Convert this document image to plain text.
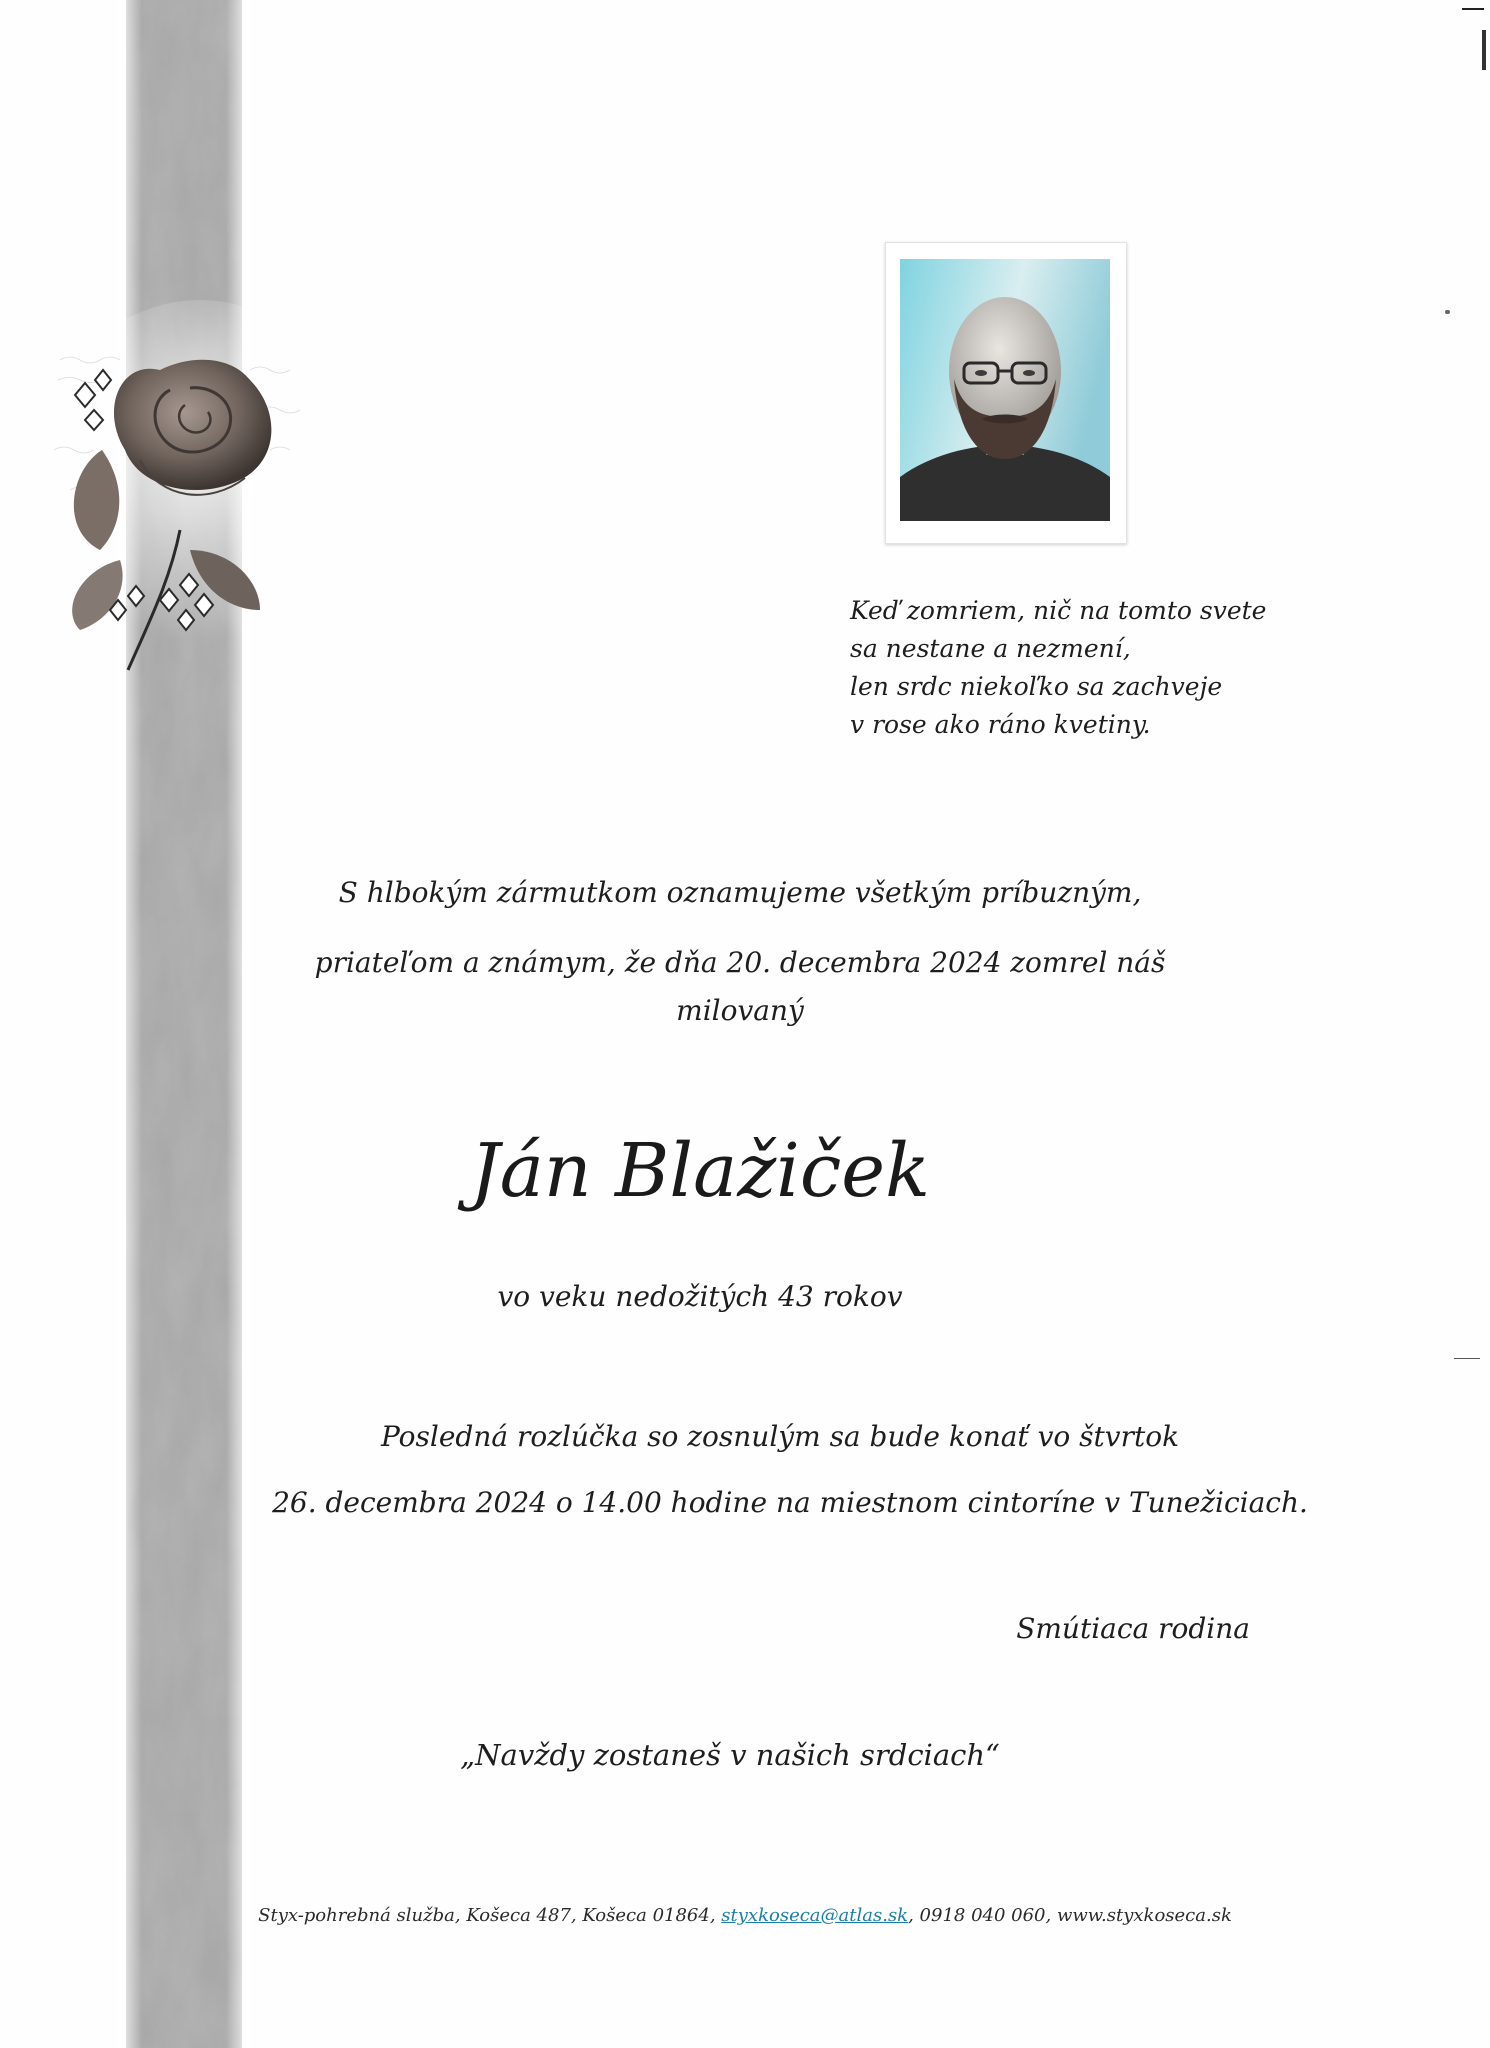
Keď zomriem, nič na tomto svete
sa nestane a nezmení,
len srdc niekoľko sa zachveje
v rose ako ráno kvetiny.
S hlbokým zármutkom oznamujeme všetkým príbuzným,
priateľom a známym, že dňa 20. decembra 2024 zomrel náš
milovaný
Ján Blažiček
vo veku nedožitých 43 rokov
Posledná rozlúčka so zosnulým sa bude konať vo štvrtok
26. decembra 2024 o 14.00 hodine na miestnom cintoríne v Tunežiciach.
Smútiaca rodina
„Navždy zostaneš v našich srdciach“
Styx-pohrebná služba, Košeca 487, Košeca 01864, styxkoseca@atlas.sk, 0918 040 060, www.styxkoseca.sk
